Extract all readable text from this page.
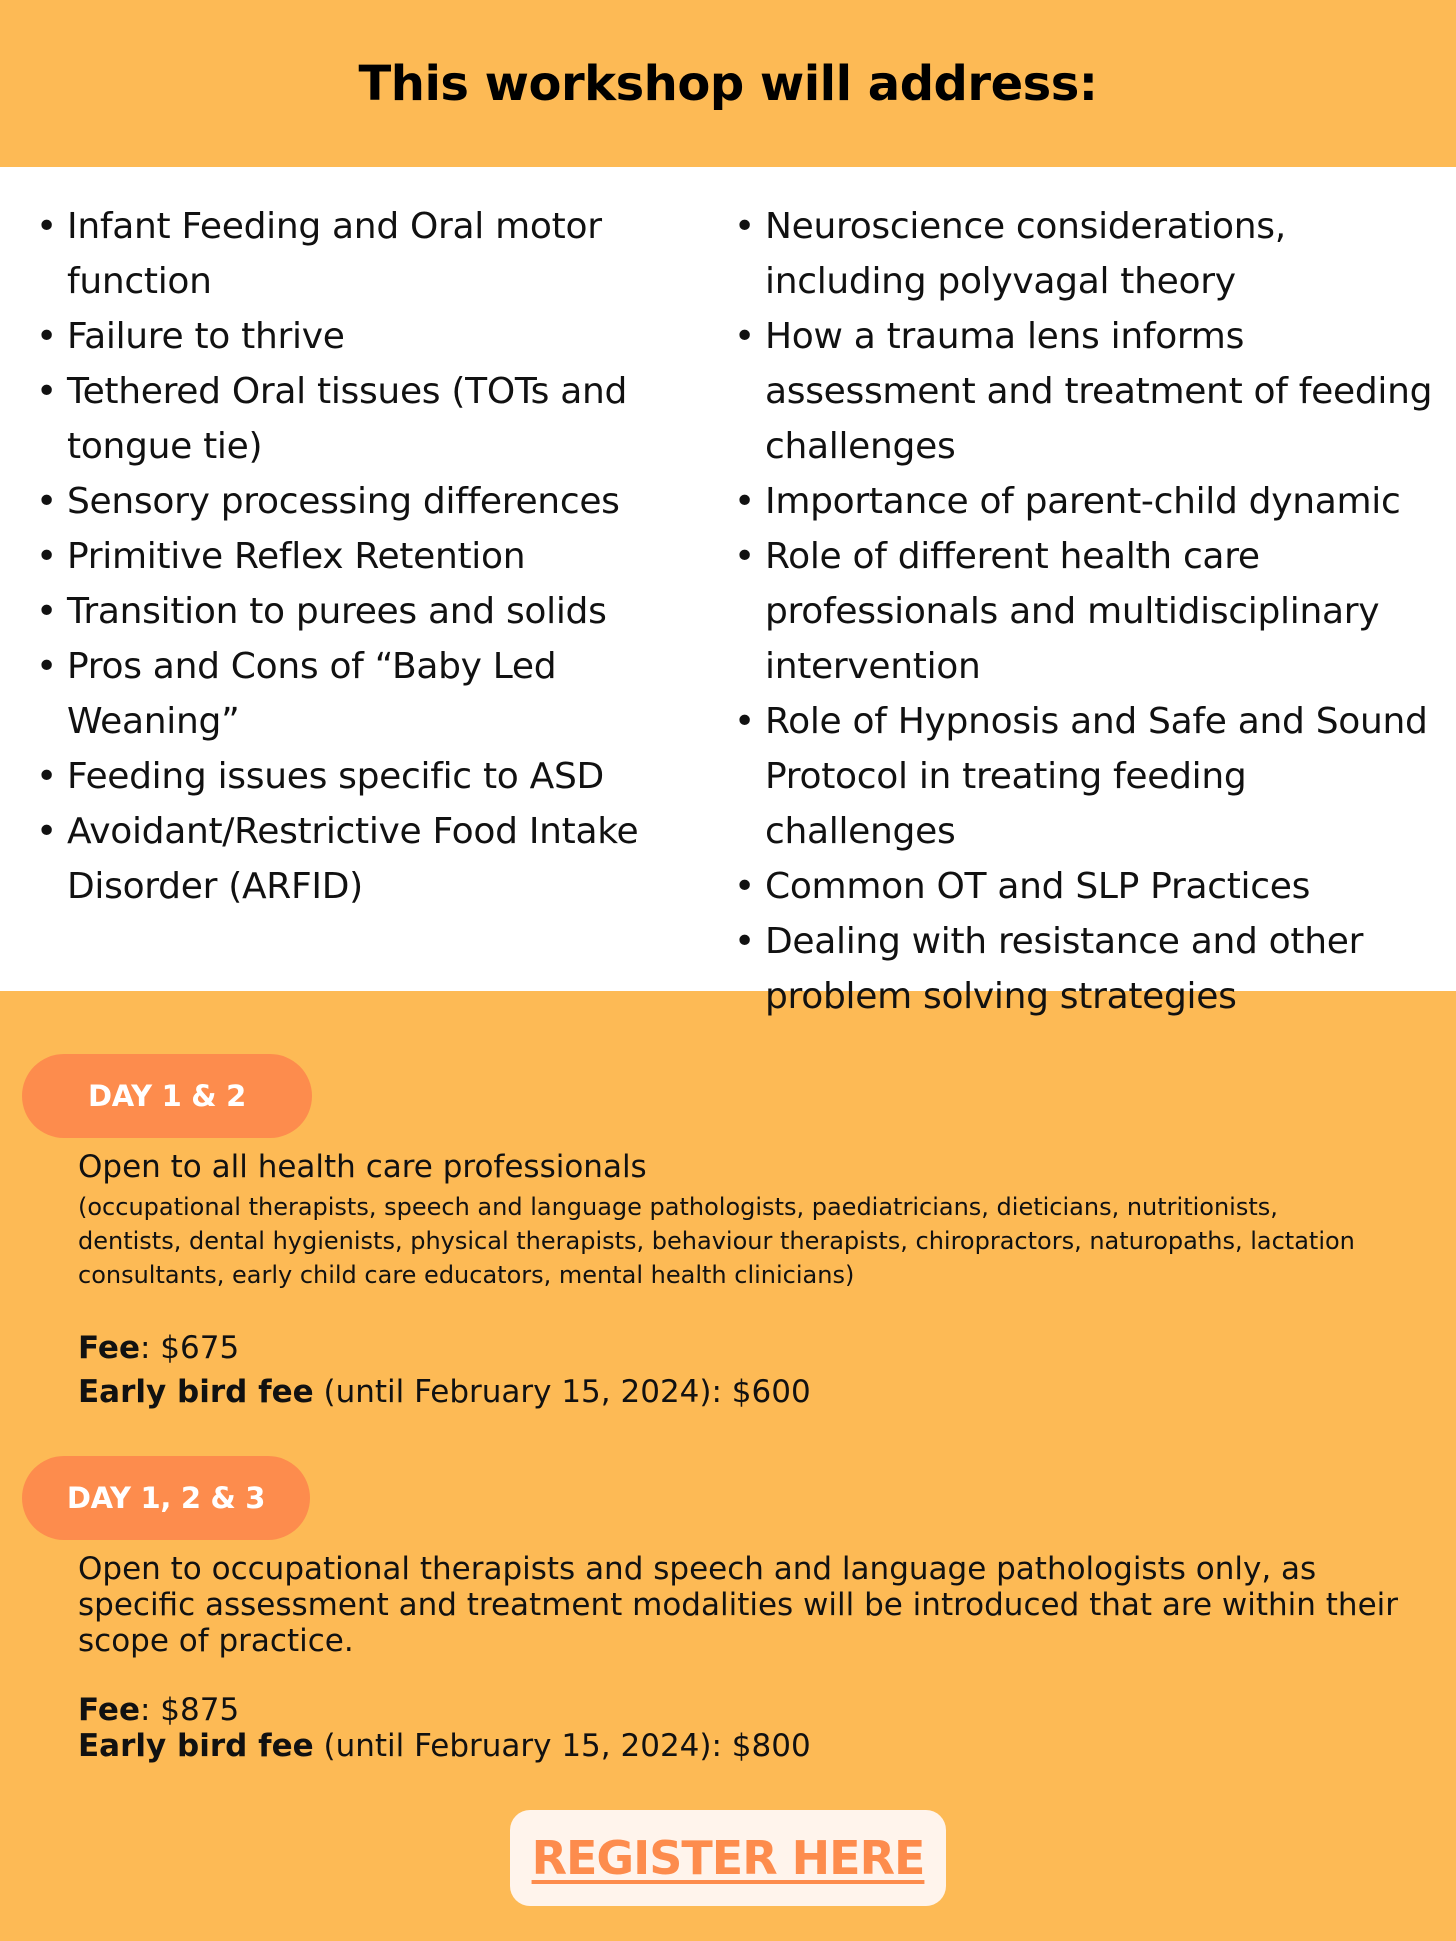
This workshop will address:
• Infant Feeding and Oral motor function
• Failure to thrive
• Tethered Oral tissues (TOTs and tongue tie)
• Sensory processing differences
• Primitive Reflex Retention
• Transition to purees and solids
• Pros and Cons of “Baby Led Weaning”
• Feeding issues specific to ASD
• Avoidant/Restrictive Food Intake Disorder (ARFID)
• Neuroscience considerations, including polyvagal theory
• How a trauma lens informs assessment and treatment of feeding challenges
• Importance of parent-child dynamic
• Role of different health care professionals and multidisciplinary intervention
• Role of Hypnosis and Safe and Sound Protocol in treating feeding challenges
• Common OT and SLP Practices
• Dealing with resistance and other problem solving strategies
DAY 1 & 2
Open to all health care professionals
(occupational therapists, speech and language pathologists, paediatricians, dieticians, nutritionists, dentists, dental hygienists, physical therapists, behaviour therapists, chiropractors, naturopaths, lactation consultants, early child care educators, mental health clinicians)
Fee: $675
Early bird fee (until February 15, 2024): $600
DAY 1, 2 & 3
Open to occupational therapists and speech and language pathologists only, as specific assessment and treatment modalities will be introduced that are within their scope of practice.
Fee: $875
Early bird fee (until February 15, 2024): $800
REGISTER HERE
